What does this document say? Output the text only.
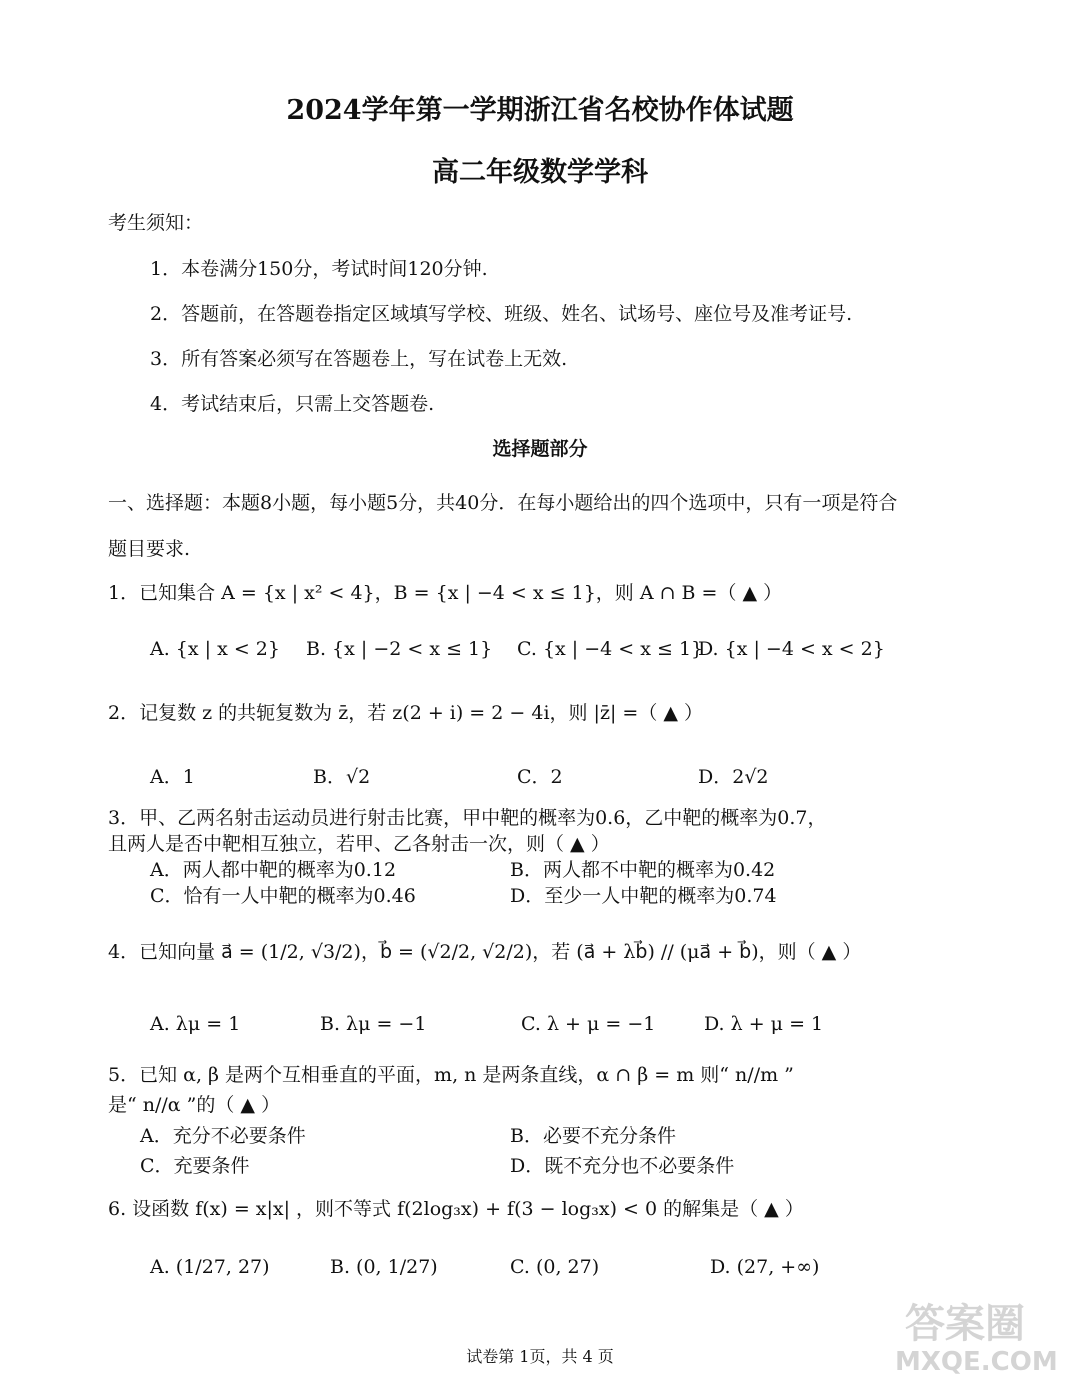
2024学年第一学期浙江省名校协作体试题
高二年级数学学科
考生须知：
1．本卷满分150分，考试时间120分钟.
2．答题前，在答题卷指定区域填写学校、班级、姓名、试场号、座位号及准考证号.
3．所有答案必须写在答题卷上，写在试卷上无效.
4．考试结束后，只需上交答题卷.
选择题部分
一、选择题：本题8小题，每小题5分，共40分．在每小题给出的四个选项中，只有一项是符合
题目要求.
1．已知集合 A = {x | x² < 4}，B = {x | −4 < x ≤ 1}，则 A ∩ B =（ ▲ ）
A. {x | x < 2} B. {x | −2 < x ≤ 1} C. {x | −4 < x ≤ 1}
D. {x | −4 < x < 2}
2．记复数 z 的共轭复数为 z̄，若 z(2 + i) = 2 − 4i，则 |z̄| =（ ▲ ）
A．1	B．√2	C．2	D．2√2
3．甲、乙两名射击运动员进行射击比赛，甲中靶的概率为0.6，乙中靶的概率为0.7，
且两人是否中靶相互独立，若甲、乙各射击一次，则（ ▲ ）
A．两人都中靶的概率为0.12	B．两人都不中靶的概率为0.42
C．恰有一人中靶的概率为0.46	D．至少一人中靶的概率为0.74
4．已知向量 a⃗ = (1/2, √3/2)，b⃗ = (√2/2, √2/2)，若 (a⃗ + λb⃗) // (μa⃗ + b⃗)，则（ ▲ ）
A. λμ = 1	B. λμ = −1	C. λ + μ = −1	D. λ + μ = 1
5．已知 α, β 是两个互相垂直的平面，m, n 是两条直线，α ∩ β = m 则“ n//m ”
是“ n//α ”的（ ▲ ）
A．充分不必要条件	B．必要不充分条件
C．充要条件	D．既不充分也不必要条件
6. 设函数 f(x) = x|x| ，则不等式 f(2log₃x) + f(3 − log₃x) < 0 的解集是（ ▲ ）
A. (1/27, 27)	B. (0, 1/27)	C. (0, 27)	D. (27, +∞)
试卷第 1页，共 4 页
答案圈
MXQE.COM
